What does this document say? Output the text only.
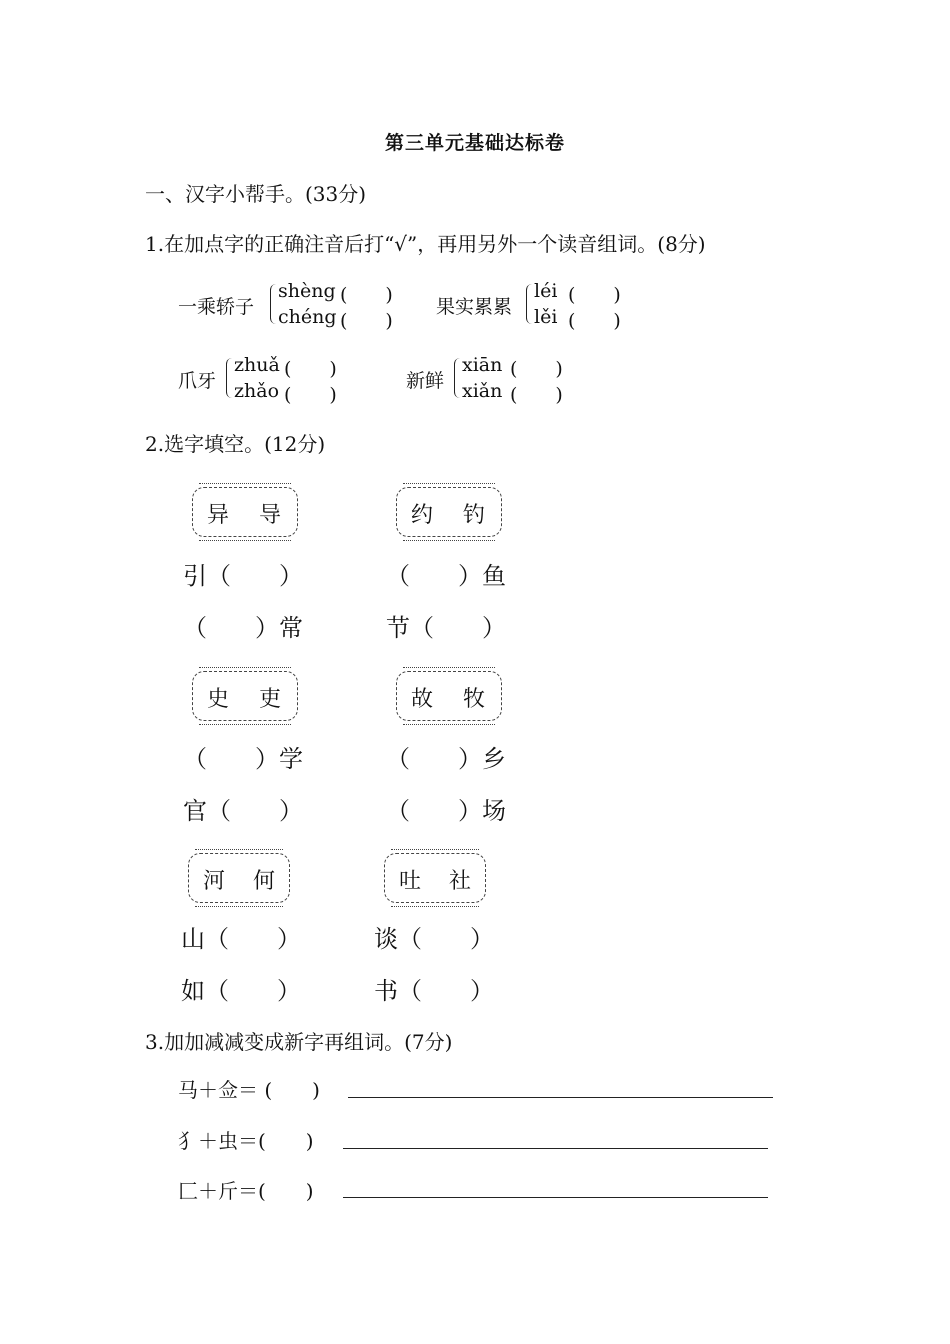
第三单元基础达标卷
一、汉字小帮手。(33分)
1.在加点字的正确注音后打“√”，再用另外一个读音组词。(8分)
一乘轿子
shèng (　　)
chéng (　　)
果实累累
léi (　　)
lěi (　　)
爪牙
zhuǎ (　　)
zhǎo (　　)
新鲜
xiān (　　)
xiǎn (　　)
2.选字填空。(12分)
异 导	约 钓
引（　　）
（　　）常
（　　）鱼
节（　　）
史 吏	故 牧
（　　）学
官（　　）
（　　）乡
（　　）场
河 何	吐 社
山（　　）
如（　　）
谈（　　）
书（　　）
3.加加减减变成新字再组词。(7分)
马＋佥＝ (　　)
犭＋虫＝(　　)
匚＋斤＝(　　)
